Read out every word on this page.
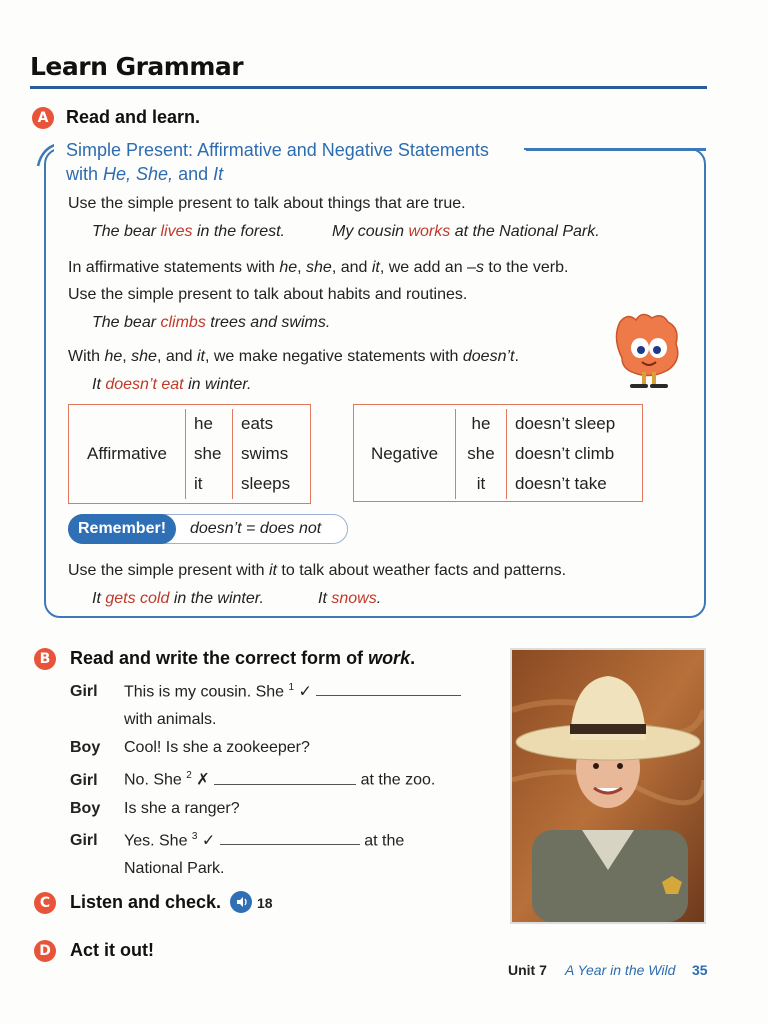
Learn Grammar
A Read and learn.
Simple Present: Affirmative and Negative Statements
with He, She, and It
Use the simple present to talk about things that are true.
The bear lives in the forest.	My cousin works at the National Park.
In affirmative statements with he, she, and it, we add an –s to the verb.
Use the simple present to talk about habits and routines.
The bear climbs trees and swims.
With he, she, and it, we make negative statements with doesn’t.
It doesn’t eat in winter.
Affirmative	he	eats
	she	swims
	it	sleeps
Negative	he	doesn’t sleep
	she	doesn’t climb
	it	doesn’t take
Remember!	doesn’t = does not
Use the simple present with it to talk about weather facts and patterns.
It gets cold in the winter.	It snows.
B	Read and write the correct form of work.
Girl This is my cousin. She $^1$ ✓
with animals.
Boy Cool! Is she a zookeeper?
Girl No. She $^2$ ✗	at the zoo.
Boy Is she a ranger?
Girl Yes. She $^3$ ✓	at the
National Park.
C	Listen and check.	18
D Act it out!
Unit 7 A Year in the Wild 35
